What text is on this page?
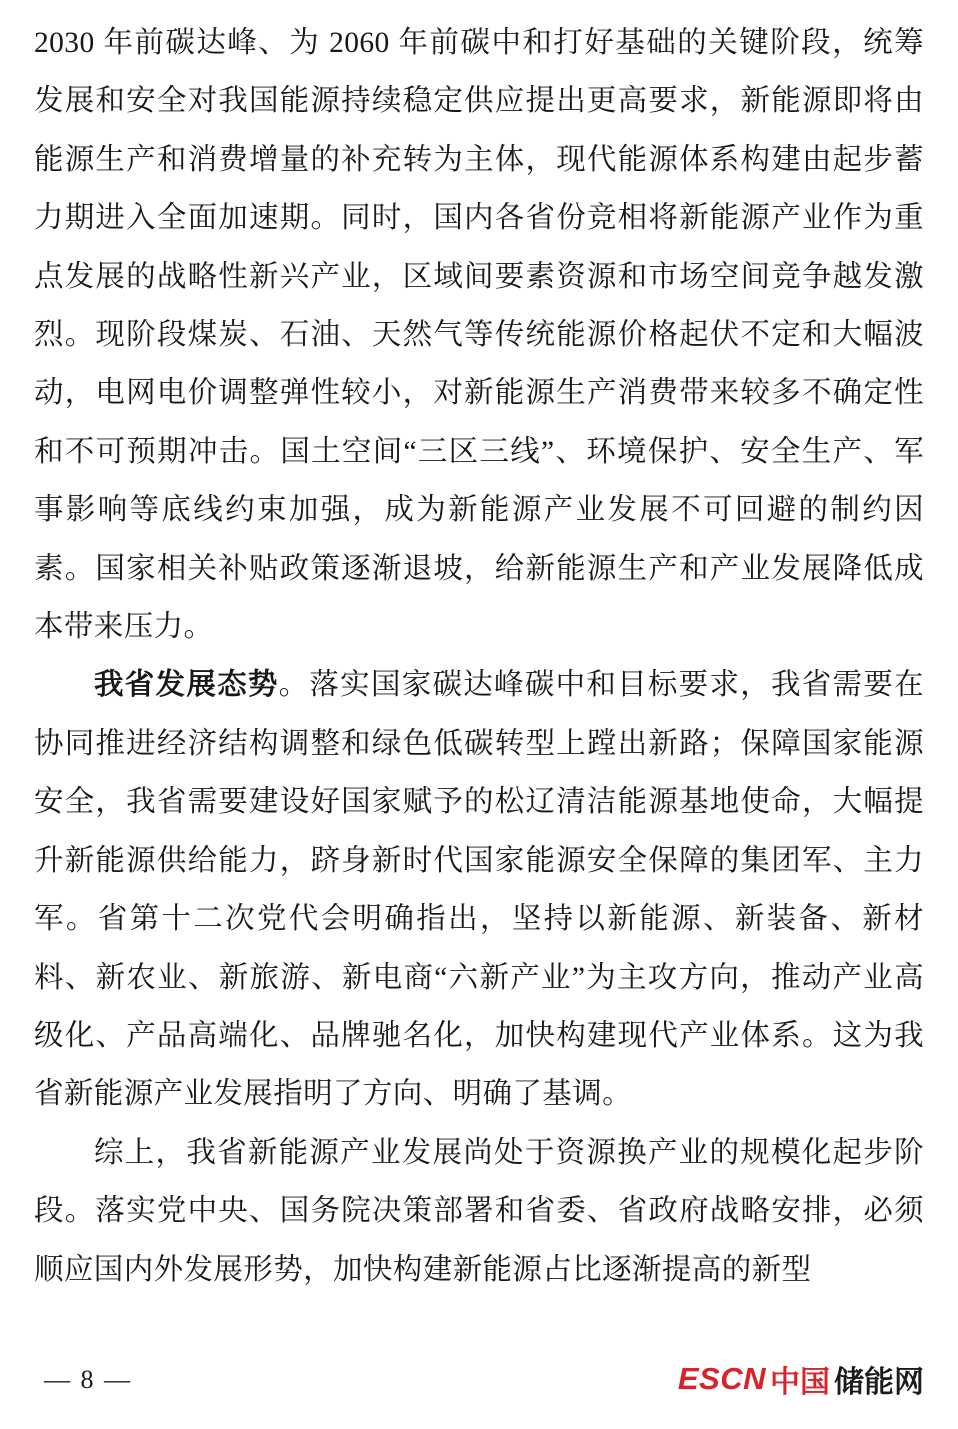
2030 年前碳达峰、为 2060 年前碳中和打好基础的关键阶段，统筹发展和安全对我国能源持续稳定供应提出更高要求，新能源即将由能源生产和消费增量的补充转为主体，现代能源体系构建由起步蓄力期进入全面加速期。同时，国内各省份竞相将新能源产业作为重点发展的战略性新兴产业，区域间要素资源和市场空间竞争越发激烈。现阶段煤炭、石油、天然气等传统能源价格起伏不定和大幅波动，电网电价调整弹性较小，对新能源生产消费带来较多不确定性和不可预期冲击。国土空间“三区三线”、环境保护、安全生产、军事影响等底线约束加强，成为新能源产业发展不可回避的制约因素。国家相关补贴政策逐渐退坡，给新能源生产和产业发展降低成本带来压力。

我省发展态势。落实国家碳达峰碳中和目标要求，我省需要在协同推进经济结构调整和绿色低碳转型上蹚出新路；保障国家能源安全，我省需要建设好国家赋予的松辽清洁能源基地使命，大幅提升新能源供给能力，跻身新时代国家能源安全保障的集团军、主力军。省第十二次党代会明确指出，坚持以新能源、新装备、新材料、新农业、新旅游、新电商“六新产业”为主攻方向，推动产业高级化、产品高端化、品牌驰名化，加快构建现代产业体系。这为我省新能源产业发展指明了方向、明确了基调。

综上，我省新能源产业发展尚处于资源换产业的规模化起步阶段。落实党中央、国务院决策部署和省委、省政府战略安排，必须顺应国内外发展形势，加快构建新能源占比逐渐提高的新型

— 8 —	ESCN 中国 储能网
